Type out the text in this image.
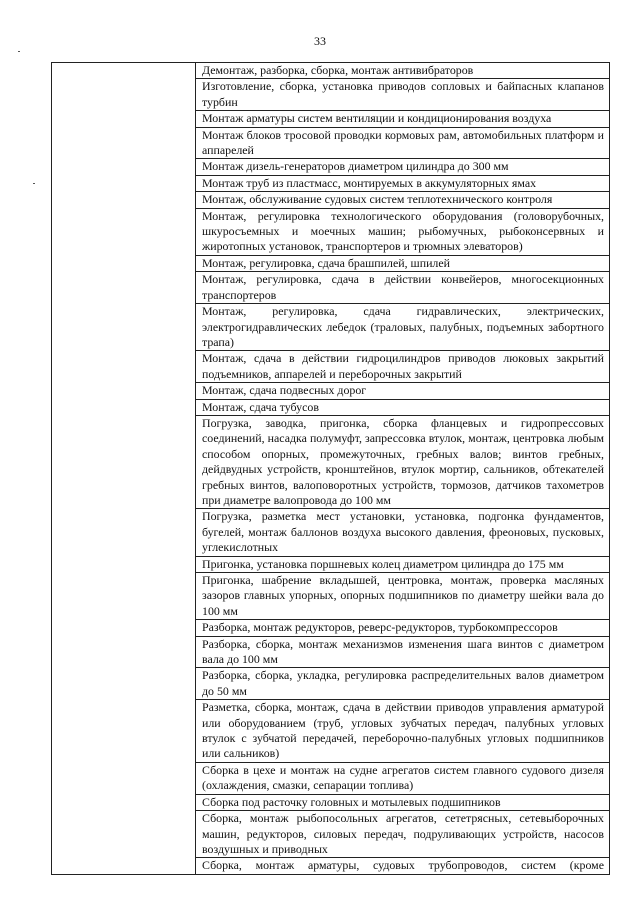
33
	Демонтаж, разборка, сборка, монтаж антивибраторов
Изготовление, сборка, установка приводов сопловых и байпасных клапанов турбин
Монтаж арматуры систем вентиляции и кондиционирования воздуха
Монтаж блоков тросовой проводки кормовых рам, автомобильных платформ и аппарелей
Монтаж дизель-генераторов диаметром цилиндра до 300 мм
Монтаж труб из пластмасс, монтируемых в аккумуляторных ямах
Монтаж, обслуживание судовых систем теплотехнического контроля
Монтаж, регулировка технологического оборудования (головорубочных, шкуросъемных и моечных машин; рыбомучных, рыбоконсервных и жиротопных установок, транспортеров и трюмных элеваторов)
Монтаж, регулировка, сдача брашпилей, шпилей
Монтаж, регулировка, сдача в действии конвейеров, многосекционных транспортеров
Монтаж, регулировка, сдача гидравлических, электрических, электрогидравлических лебедок (траловых, палубных, подъемных забортного трапа)
Монтаж, сдача в действии гидроцилиндров приводов люковых закрытий подъемников, аппарелей и переборочных закрытий
Монтаж, сдача подвесных дорог
Монтаж, сдача тубусов
Погрузка, заводка, пригонка, сборка фланцевых и гидропрессовых соединений, насадка полумуфт, запрессовка втулок, монтаж, центровка любым способом опорных, промежуточных, гребных валов; винтов гребных, дейдвудных устройств, кронштейнов, втулок мортир, сальников, обтекателей гребных винтов, валоповоротных устройств, тормозов, датчиков тахометров при диаметре валопровода до 100 мм
Погрузка, разметка мест установки, установка, подгонка фундаментов, бугелей, монтаж баллонов воздуха высокого давления, фреоновых, пусковых, углекислотных
Пригонка, установка поршневых колец диаметром цилиндра до 175 мм
Пригонка, шабрение вкладышей, центровка, монтаж, проверка масляных зазоров главных упорных, опорных подшипников по диаметру шейки вала до 100 мм
Разборка, монтаж редукторов, реверс-редукторов, турбокомпрессоров
Разборка, сборка, монтаж механизмов изменения шага винтов с диаметром вала до 100 мм
Разборка, сборка, укладка, регулировка распределительных валов диаметром до 50 мм
Разметка, сборка, монтаж, сдача в действии приводов управления арматурой или оборудованием (труб, угловых зубчатых передач, палубных угловых втулок с зубчатой передачей, переборочно-палубных угловых подшипников или сальников)
Сборка в цехе и монтаж на судне агрегатов систем главного судового дизеля (охлаждения, смазки, сепарации топлива)
Сборка под расточку головных и мотылевых подшипников
Сборка, монтаж рыбопосольных агрегатов, сететрясных, сетевыборочных машин, редукторов, силовых передач, подруливающих устройств, насосов воздушных и приводных
Сборка, монтаж арматуры, судовых трубопроводов, систем (кроме
